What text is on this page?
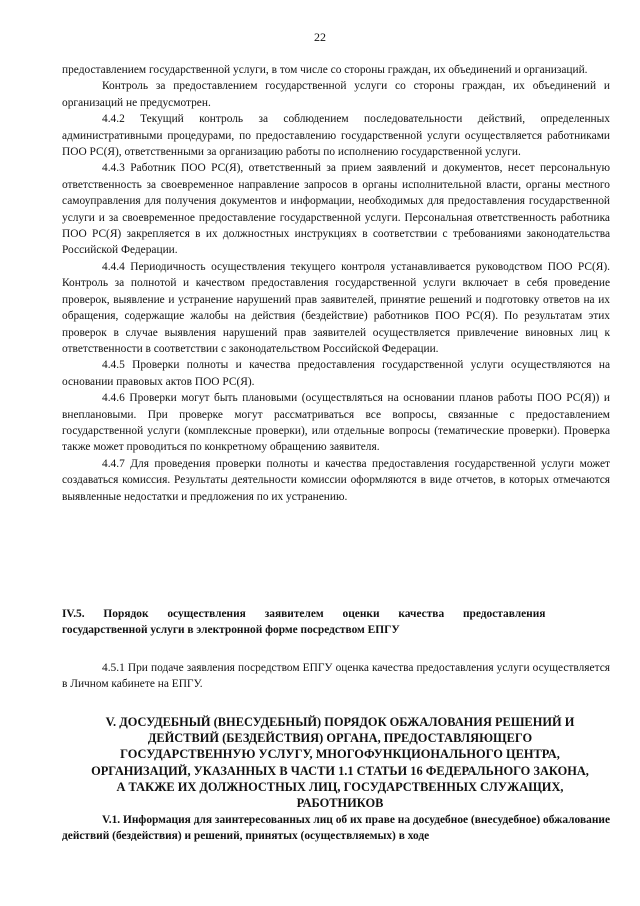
22

предоставлением государственной услуги, в том числе со стороны граждан, их объединений и организаций.

Контроль за предоставлением государственной услуги со стороны граждан, их объединений и организаций не предусмотрен.

4.4.2 Текущий контроль за соблюдением последовательности действий, определенных административными процедурами, по предоставлению государственной услуги осуществляется работниками ПОО РС(Я), ответственными за организацию работы по исполнению государственной услуги.

4.4.3 Работник ПОО РС(Я), ответственный за прием заявлений и документов, несет персональную ответственность за своевременное направление запросов в органы исполнительной власти, органы местного самоуправления для получения документов и информации, необходимых для предоставления государственной услуги и за своевременное предоставление государственной услуги. Персональная ответственность работника ПОО РС(Я) закрепляется в их должностных инструкциях в соответствии с требованиями законодательства Российской Федерации.

4.4.4 Периодичность осуществления текущего контроля устанавливается руководством ПОО РС(Я). Контроль за полнотой и качеством предоставления государственной услуги включает в себя проведение проверок, выявление и устранение нарушений прав заявителей, принятие решений и подготовку ответов на их обращения, содержащие жалобы на действия (бездействие) работников ПОО РС(Я). По результатам этих проверок в случае выявления нарушений прав заявителей осуществляется привлечение виновных лиц к ответственности в соответствии с законодательством Российской Федерации.

4.4.5 Проверки полноты и качества предоставления государственной услуги осуществляются на основании правовых актов ПОО РС(Я).

4.4.6 Проверки могут быть плановыми (осуществляться на основании планов работы ПОО РС(Я)) и внеплановыми. При проверке могут рассматриваться все вопросы, связанные с предоставлением государственной услуги (комплексные проверки), или отдельные вопросы (тематические проверки). Проверка также может проводиться по конкретному обращению заявителя.

4.4.7 Для проведения проверки полноты и качества предоставления государственной услуги может создаваться комиссия. Результаты деятельности комиссии оформляются в виде отчетов, в которых отмечаются выявленные недостатки и предложения по их устранению.

IV.5. Порядок осуществления заявителем оценки качества предоставления
государственной услуги в электронной форме посредством ЕПГУ

4.5.1 При подаче заявления посредством ЕПГУ оценка качества предоставления услуги осуществляется в Личном кабинете на ЕПГУ.

V. ДОСУДЕБНЫЙ (ВНЕСУДЕБНЫЙ) ПОРЯДОК ОБЖАЛОВАНИЯ РЕШЕНИЙ И ДЕЙСТВИЙ (БЕЗДЕЙСТВИЯ) ОРГАНА, ПРЕДОСТАВЛЯЮЩЕГО ГОСУДАРСТВЕННУЮ УСЛУГУ, МНОГОФУНКЦИОНАЛЬНОГО ЦЕНТРА, ОРГАНИЗАЦИЙ, УКАЗАННЫХ В ЧАСТИ 1.1 СТАТЬИ 16 ФЕДЕРАЛЬНОГО ЗАКОНА, А ТАКЖЕ ИХ ДОЛЖНОСТНЫХ ЛИЦ, ГОСУДАРСТВЕННЫХ СЛУЖАЩИХ, РАБОТНИКОВ

V.1. Информация для заинтересованных лиц об их праве на досудебное (внесудебное) обжалование действий (бездействия) и решений, принятых (осуществляемых) в ходе
